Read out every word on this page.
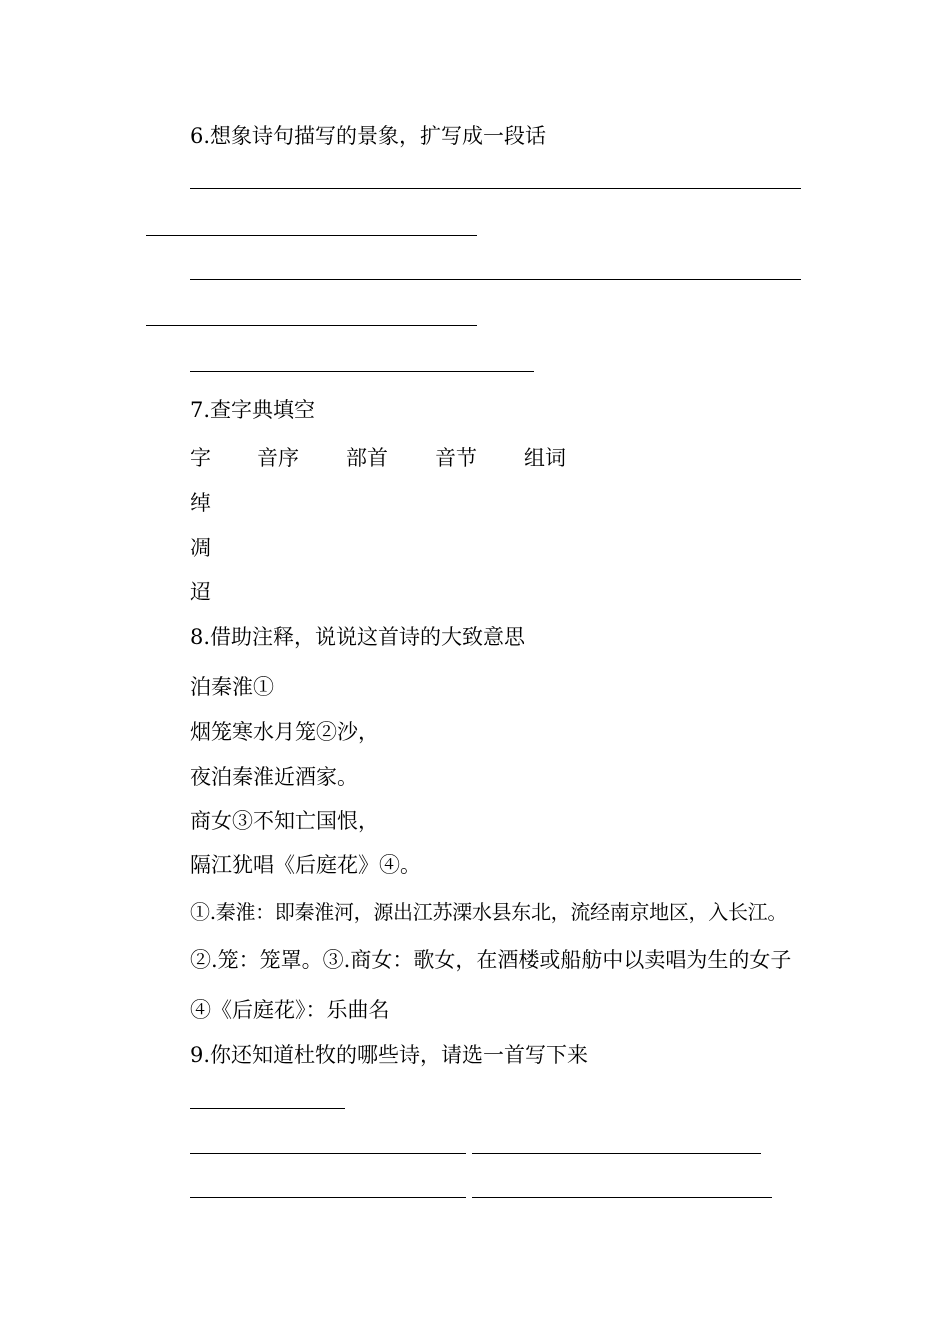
6.想象诗句描写的景象，扩写成一段话
7.查字典填空
字 音序 部首 音节 组词
绰
凋
迢
8.借助注释，说说这首诗的大致意思
泊秦淮①
烟笼寒水月笼②沙，
夜泊秦淮近酒家。
商女③不知亡国恨，
隔江犹唱《后庭花》④。
①.秦淮：即秦淮河，源出江苏溧水县东北，流经南京地区，入长江。
②.笼：笼罩。③.商女：歌女，在酒楼或船舫中以卖唱为生的女子
④《后庭花》：乐曲名
9.你还知道杜牧的哪些诗，请选一首写下来
